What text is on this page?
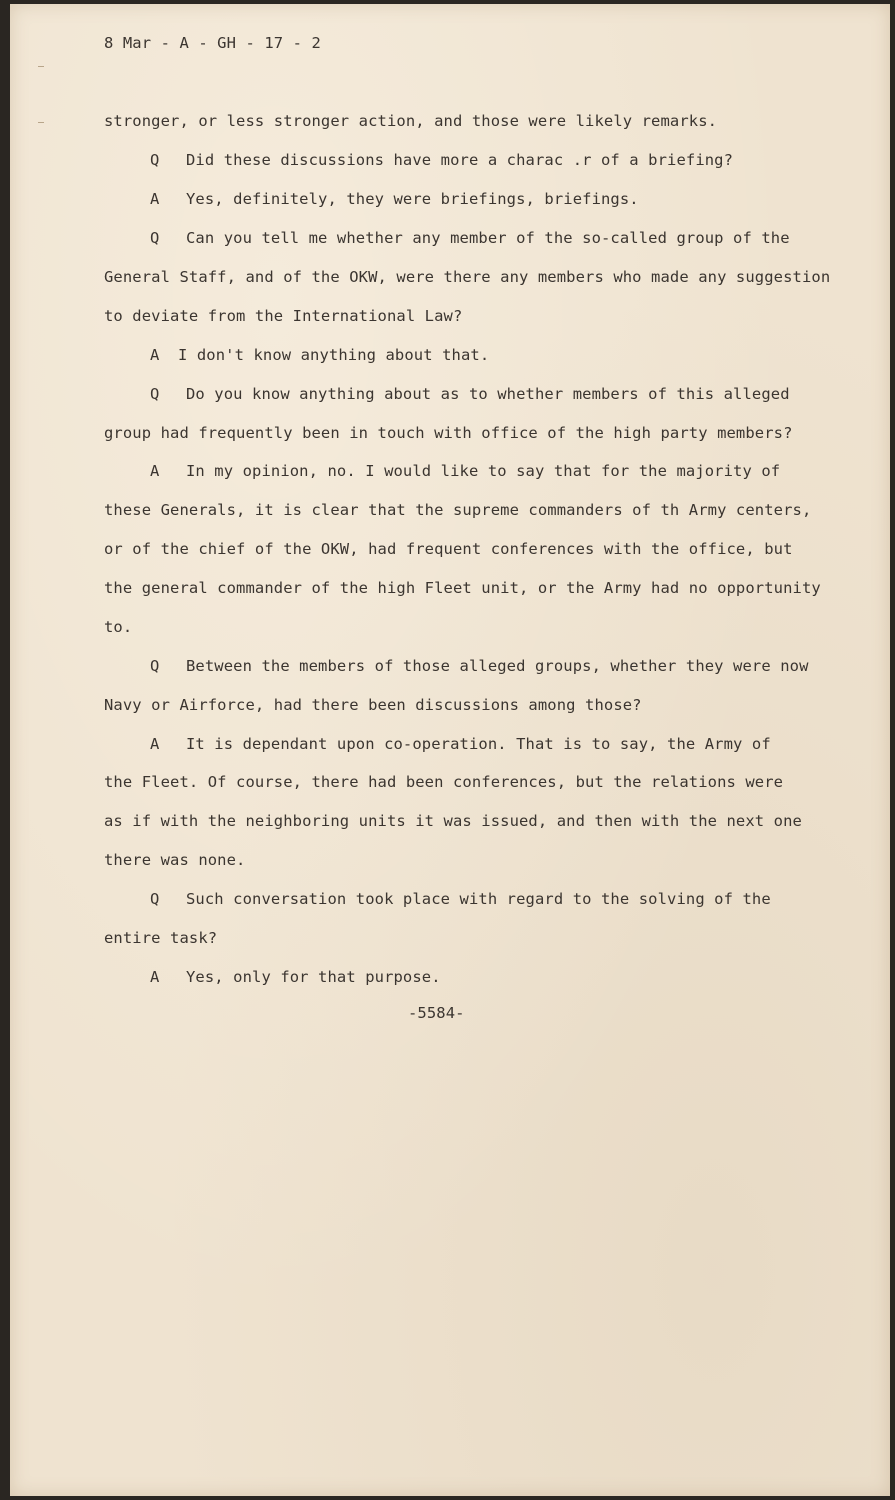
8 Mar - A - GH - 17 - 2
stronger, or less stronger action, and those were likely remarks.
Q Did these discussions have more a charac .r of a briefing?
A Yes, definitely, they were briefings, briefings.
Q Can you tell me whether any member of the so-called group of the
General Staff, and of the OKW, were there any members who made any suggestion
to deviate from the International Law?
A I don't know anything about that.
Q Do you know anything about as to whether members of this alleged
group had frequently been in touch with office of the high party members?
A In my opinion, no. I would like to say that for the majority of
these Generals, it is clear that the supreme commanders of th Army centers,
or of the chief of the OKW, had frequent conferences with the office, but
the general commander of the high Fleet unit, or the Army had no opportunity
to.
Q Between the members of those alleged groups, whether they were now
Navy or Airforce, had there been discussions among those?
A It is dependant upon co-operation. That is to say, the Army of
the Fleet. Of course, there had been conferences, but the relations were
as if with the neighboring units it was issued, and then with the next one
there was none.
Q Such conversation took place with regard to the solving of the
entire task?
A Yes, only for that purpose.
-5584-
